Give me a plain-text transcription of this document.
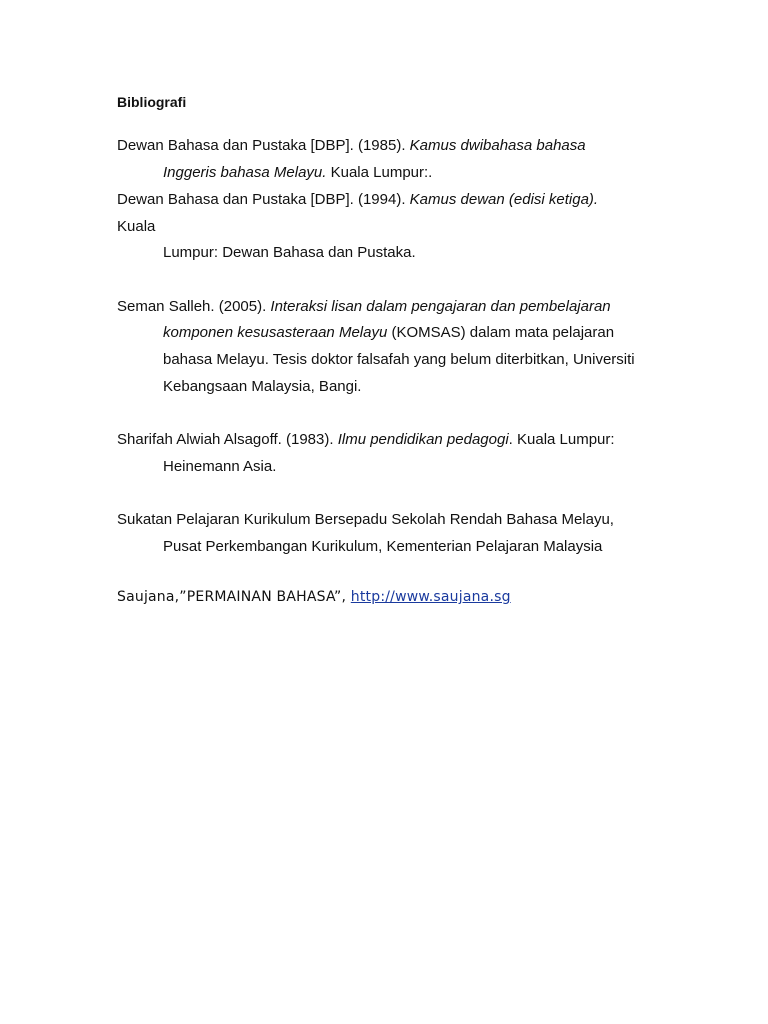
Bibliografi
Dewan Bahasa dan Pustaka [DBP]. (1985). Kamus dwibahasa bahasa
Inggeris bahasa Melayu. Kuala Lumpur:.
Dewan Bahasa dan Pustaka [DBP]. (1994). Kamus dewan (edisi ketiga).
Kuala
Lumpur: Dewan Bahasa dan Pustaka.
Seman Salleh. (2005). Interaksi lisan dalam pengajaran dan pembelajaran
komponen kesusasteraan Melayu (KOMSAS) dalam mata pelajaran
bahasa Melayu. Tesis doktor falsafah yang belum diterbitkan, Universiti
Kebangsaan Malaysia, Bangi.
Sharifah Alwiah Alsagoff. (1983). Ilmu pendidikan pedagogi. Kuala Lumpur:
Heinemann Asia.
Sukatan Pelajaran Kurikulum Bersepadu Sekolah Rendah Bahasa Melayu,
Pusat Perkembangan Kurikulum, Kementerian Pelajaran Malaysia
Saujana,”PERMAINAN BAHASA”, http://www.saujana.sg
